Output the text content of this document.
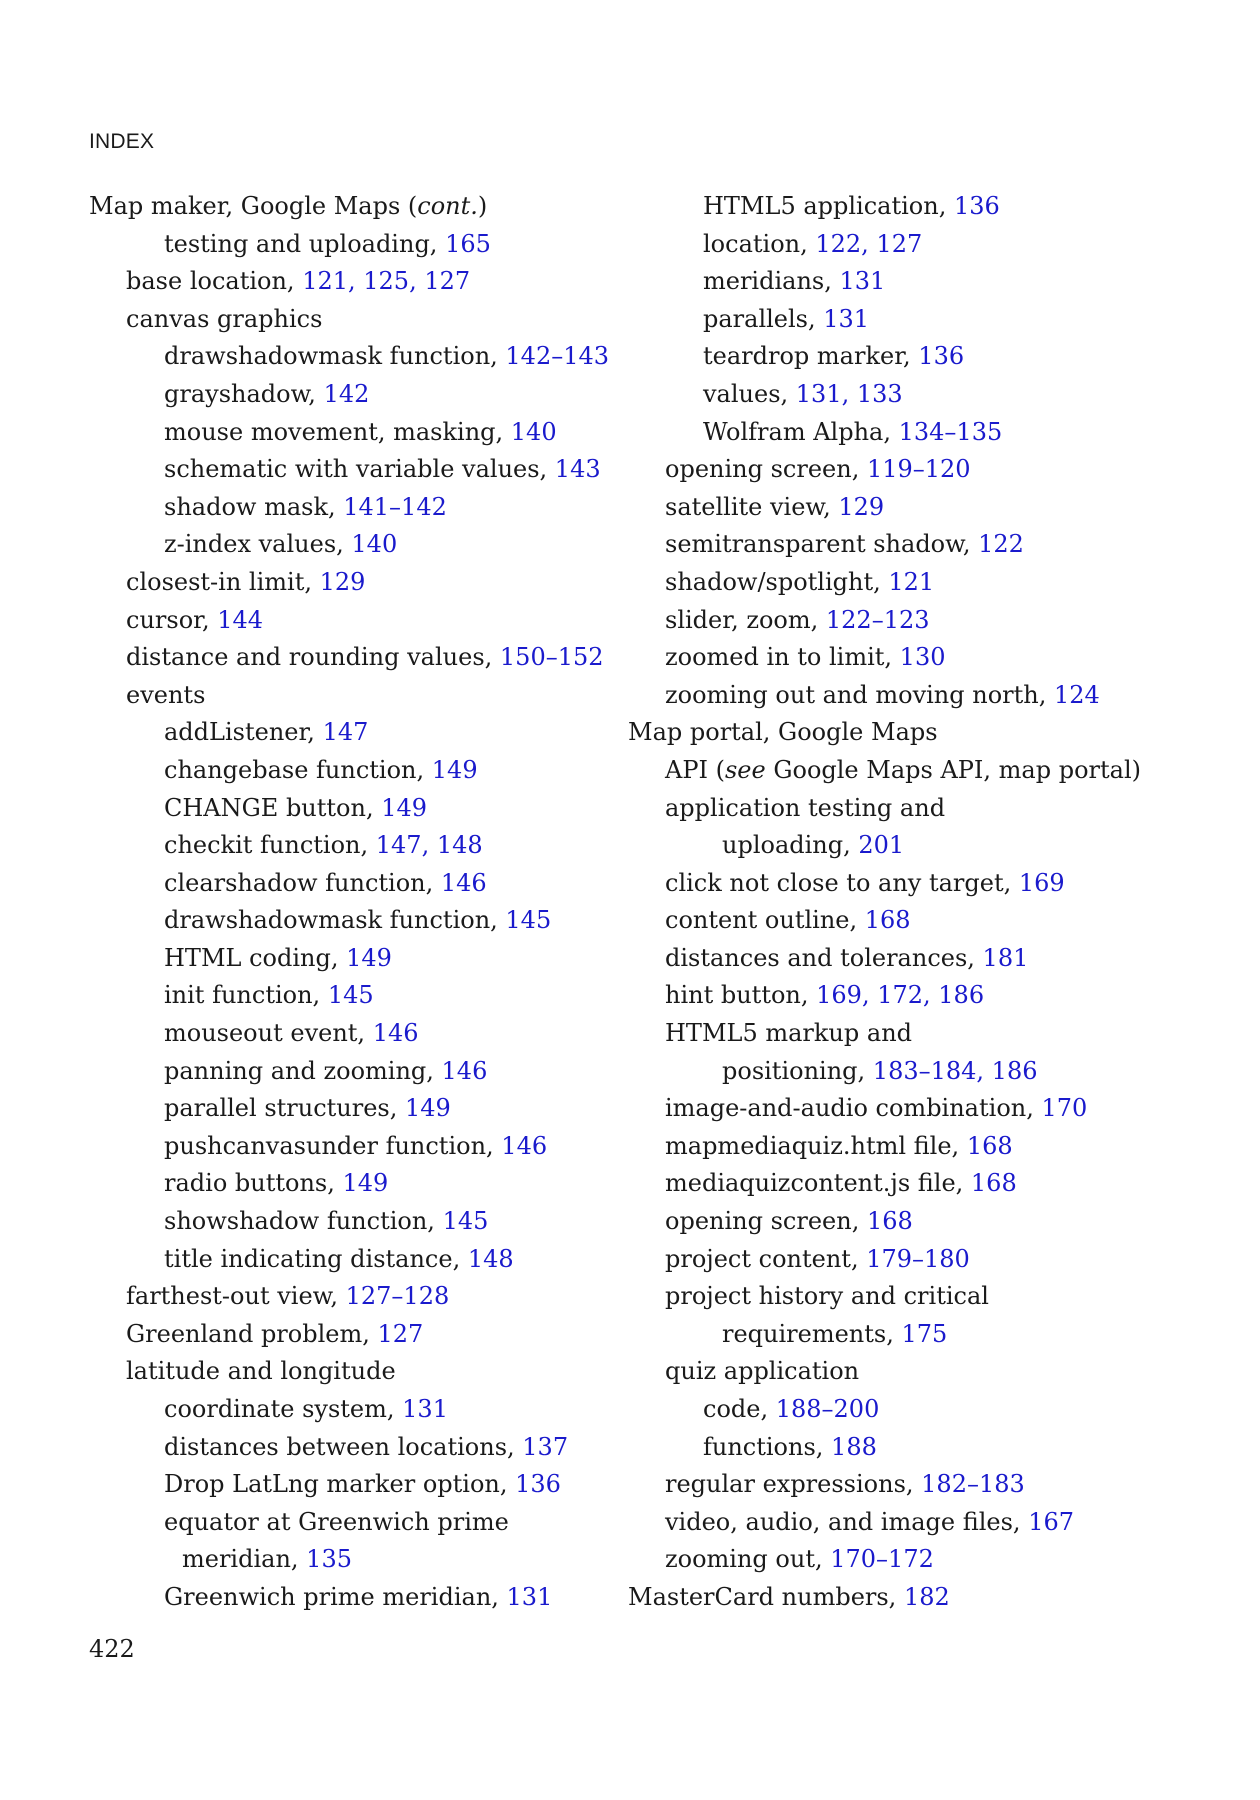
INDEX
Map maker, Google Maps (cont.)
testing and uploading, 165
base location, 121, 125, 127
canvas graphics
drawshadowmask function, 142–143
grayshadow, 142
mouse movement, masking, 140
schematic with variable values, 143
shadow mask, 141–142
z-index values, 140
closest-in limit, 129
cursor, 144
distance and rounding values, 150–152
events
addListener, 147
changebase function, 149
CHANGE button, 149
checkit function, 147, 148
clearshadow function, 146
drawshadowmask function, 145
HTML coding, 149
init function, 145
mouseout event, 146
panning and zooming, 146
parallel structures, 149
pushcanvasunder function, 146
radio buttons, 149
showshadow function, 145
title indicating distance, 148
farthest-out view, 127–128
Greenland problem, 127
latitude and longitude
coordinate system, 131
distances between locations, 137
Drop LatLng marker option, 136
equator at Greenwich prime
meridian, 135
Greenwich prime meridian, 131
HTML5 application, 136
location, 122, 127
meridians, 131
parallels, 131
teardrop marker, 136
values, 131, 133
Wolfram Alpha, 134–135
opening screen, 119–120
satellite view, 129
semitransparent shadow, 122
shadow/spotlight, 121
slider, zoom, 122–123
zoomed in to limit, 130
zooming out and moving north, 124
Map portal, Google Maps
API (see Google Maps API, map portal)
application testing and
uploading, 201
click not close to any target, 169
content outline, 168
distances and tolerances, 181
hint button, 169, 172, 186
HTML5 markup and
positioning, 183–184, 186
image-and-audio combination, 170
mapmediaquiz.html file, 168
mediaquizcontent.js file, 168
opening screen, 168
project content, 179–180
project history and critical
requirements, 175
quiz application
code, 188–200
functions, 188
regular expressions, 182–183
video, audio, and image files, 167
zooming out, 170–172
MasterCard numbers, 182
422
